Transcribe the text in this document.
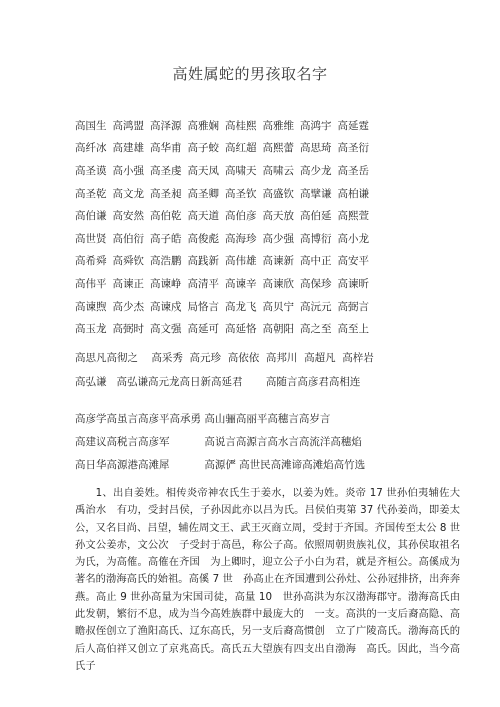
高姓属蛇的男孩取名字
高国生 高鸿盟 高泽源 高雅娴 高桂熙 高雅维 高鸿宇 高延霆
高纤冰 高建雄 高华甫 高子蛟 高红超 高熙蕾 高思琦 高圣衍
高圣谟 高小强 高圣虔 高天凤 高啸天 高啸云 高少龙 高圣岳
高圣乾 高文龙 高圣昶 高圣卿 高圣钦 高盛钦 高擘谦 高柏谦
高伯谦 高安然 高伯乾 高天道 高伯彦 高天放 高伯延 高熙萱
高世贤 高伯衍 高子皓 高俊彪 高海珍 高少强 高博衍 高小龙
高希舜 高舜钦 高浩鹏 高践新 高伟雄 高谏新 高中正 高安平
高伟平 高谏正 高谏峥 高清平 高谏辛 高谏欣 高保珍 高谏昕
高谏煦 高少杰 高谏戍 局恪言 高龙飞 高贝宁 高沅元 高弼言
高玉龙 高弼时 高文强 高延可 高延恪 高朝阳 高之至 高至上
高思凡高彻之 高采秀 高元珍 高依依 高邦川 高超凡 高梓岩
高弘谦 高弘谦高元龙高日新高延君 高随言高彦君高相连
高彦学高虽言高彦平高承勇 高山骊高丽平高穗言高岁言
高建议高税言高彦军	高说言高源言高水言高流洋高穗焰
高日华高源港高滩犀	高源俨 高世民高滩谛高滩焰高竹选

1、出自姜姓。相传炎帝神农氏生于姜水，以姜为姓。炎帝 17 世孙伯夷辅佐大禹治水　有功，受封吕侯，子孙因此亦以吕为氏。吕侯伯夷第 37 代孙姜尚，即姜太公，又名目尚、吕望，辅佐周文王、武王灭商立周，受封于齐国。齐国传至太公 8 世孙文公姜赤，文公次　子受封于高邑，称公子高。依照周朝贵族礼仪，其孙侯取祖名为氏，为高傕。高傕在齐国　为上卿时，迎立公子小白为君，就是齐桓公。高傒成为著名的渤海高氏的始祖。高傒 7 世　孙高止在齐国遭到公孙灶、公孙冠排挤，出奔奔燕。高止 9 世孙高量为宋国司徒，高量 10　世孙高洪为东汉渤海郡守。渤海高氏由此发朝，繁衍不息，成为当今高姓族群中最庞大的　一支。高洪的一支后裔高隐、高瞻叔侄创立了渔阳高氏、辽东高氏，另一支后裔高惯创　立了广陵高氏。渤海高氏的后人高伯祥又创立了京兆高氏。高氏五大望族有四支出自渤海　高氏。因此，当今高氏子
